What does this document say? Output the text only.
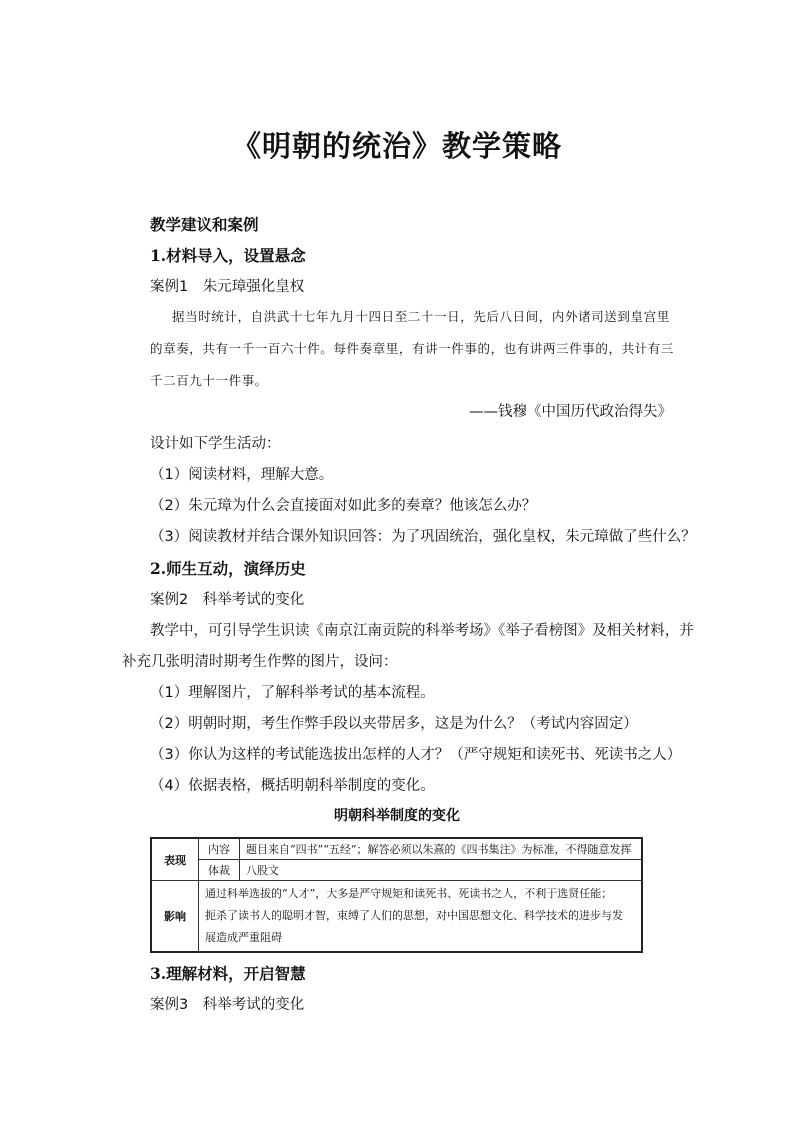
《明朝的统治》教学策略
教学建议和案例
1.材料导入，设置悬念
案例1　朱元璋强化皇权
据当时统计，自洪武十七年九月十四日至二十一日，先后八日间，内外诸司送到皇宫里
的章奏，共有一千一百六十件。每件奏章里，有讲一件事的，也有讲两三件事的，共计有三
千二百九十一件事。
——钱穆《中国历代政治得失》
设计如下学生活动：
（1）阅读材料，理解大意。
（2）朱元璋为什么会直接面对如此多的奏章？他该怎么办？
（3）阅读教材并结合课外知识回答：为了巩固统治，强化皇权，朱元璋做了些什么？
2.师生互动，演绎历史
案例2　科举考试的变化
教学中，可引导学生识读《南京江南贡院的科举考场》《举子看榜图》及相关材料，并
补充几张明清时期考生作弊的图片，设问：
（1）理解图片，了解科举考试的基本流程。
（2）明朝时期，考生作弊手段以夹带居多，这是为什么？（考试内容固定）
（3）你认为这样的考试能选拔出怎样的人才？（严守规矩和读死书、死读书之人）
（4）依据表格，概括明朝科举制度的变化。
明朝科举制度的变化
表现	内容	题目来自“四书”“五经”；解答必须以朱熹的《四书集注》为标准，不得随意发挥
	体裁	八股文
影响	通过科举选拔的“人才”，大多是严守规矩和读死书、死读书之人，不利于选贤任能；
扼杀了读书人的聪明才智，束缚了人们的思想，对中国思想文化、科学技术的进步与发
展造成严重阻碍	
3.理解材料，开启智慧
案例3　科举考试的变化
